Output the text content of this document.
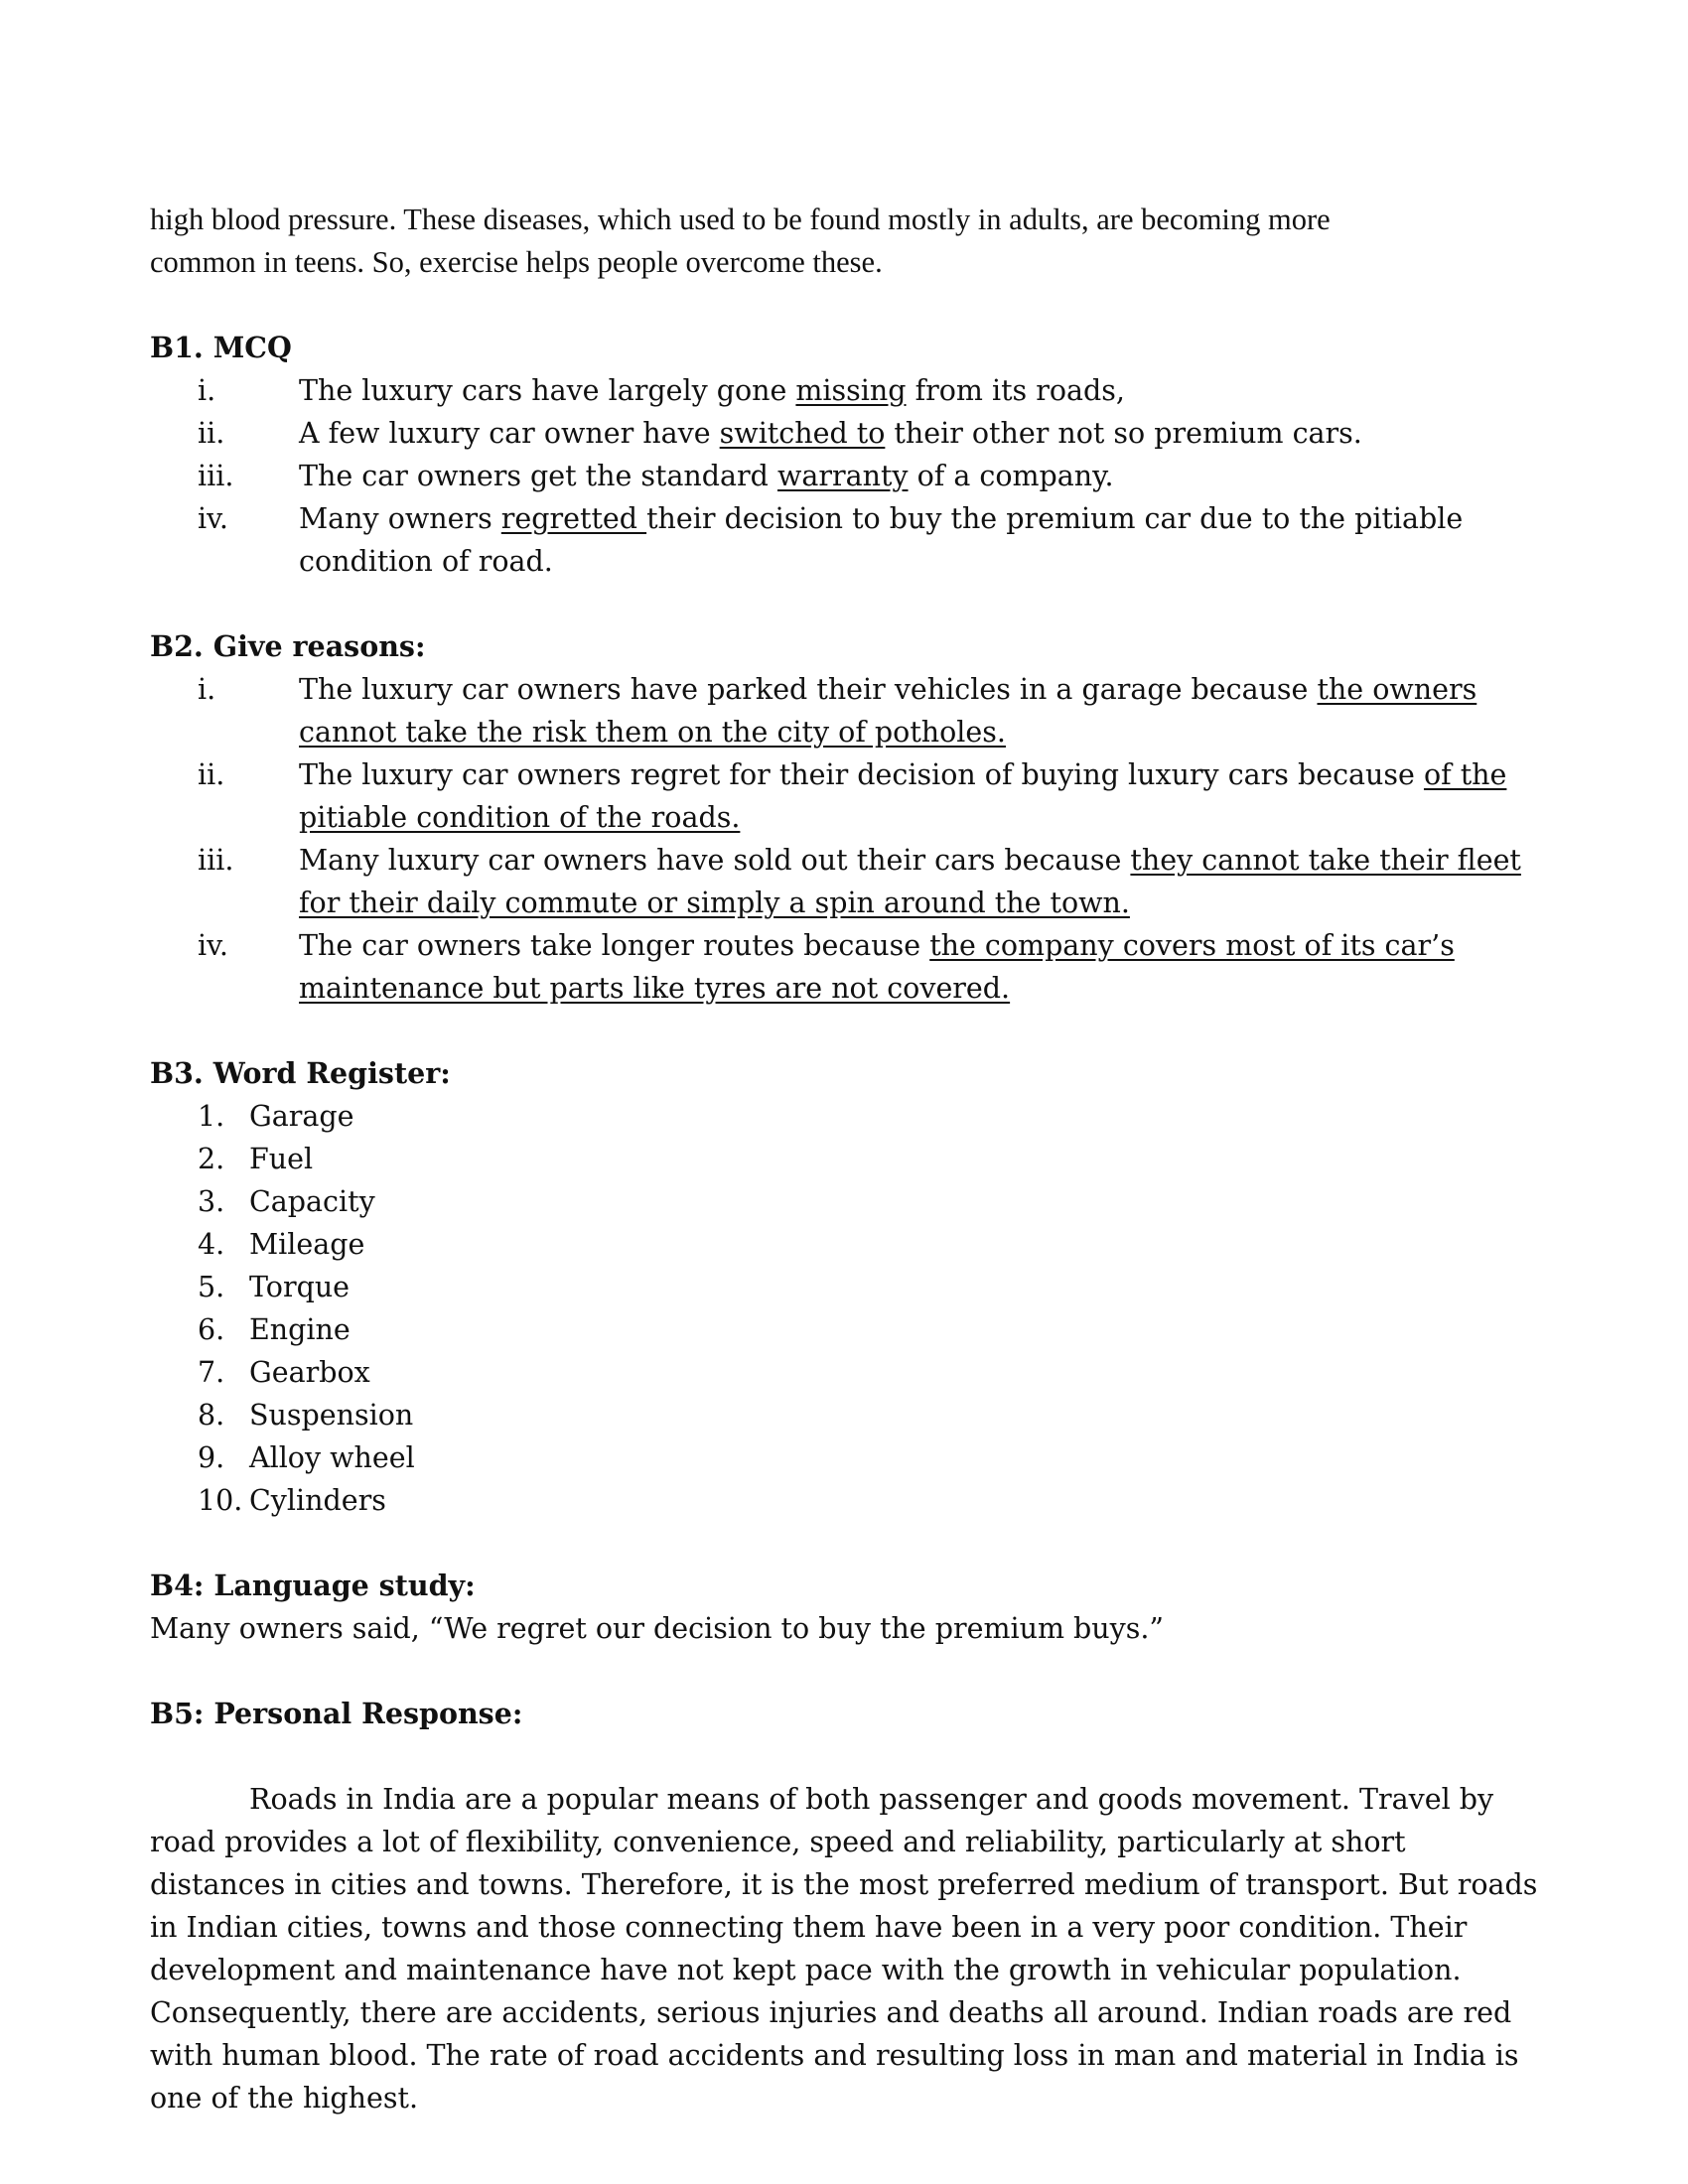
high blood pressure. These diseases, which used to be found mostly in adults, are becoming more
common in teens. So, exercise helps people overcome these.

B1. MCQ

i.	The luxury cars have largely gone missing from its roads,
ii.	A few luxury car owner have switched to their other not so premium cars.
iii.	The car owners get the standard warranty of a company.
iv.	Many owners regretted their decision to buy the premium car due to the pitiable condition of road.

B2. Give reasons:

i.	The luxury car owners have parked their vehicles in a garage because the owners cannot take the risk them on the city of potholes.
ii.	The luxury car owners regret for their decision of buying luxury cars because of the pitiable condition of the roads.
iii.	Many luxury car owners have sold out their cars because they cannot take their fleet for their daily commute or simply a spin around the town.
iv.	The car owners take longer routes because the company covers most of its car’s maintenance but parts like tyres are not covered.

B3. Word Register:

1. Garage
2. Fuel
3. Capacity
4. Mileage
5. Torque
6. Engine
7. Gearbox
8. Suspension
9. Alloy wheel
10. Cylinders

B4: Language study:

Many owners said, “We regret our decision to buy the premium buys.”

B5: Personal Response:

Roads in India are a popular means of both passenger and goods movement. Travel by road provides a lot of flexibility, convenience, speed and reliability, particularly at short distances in cities and towns. Therefore, it is the most preferred medium of transport. But roads in Indian cities, towns and those connecting them have been in a very poor condition. Their development and maintenance have not kept pace with the growth in vehicular population. Consequently, there are accidents, serious injuries and deaths all around. Indian roads are red with human blood. The rate of road accidents and resulting loss in man and material in India is one of the highest.
